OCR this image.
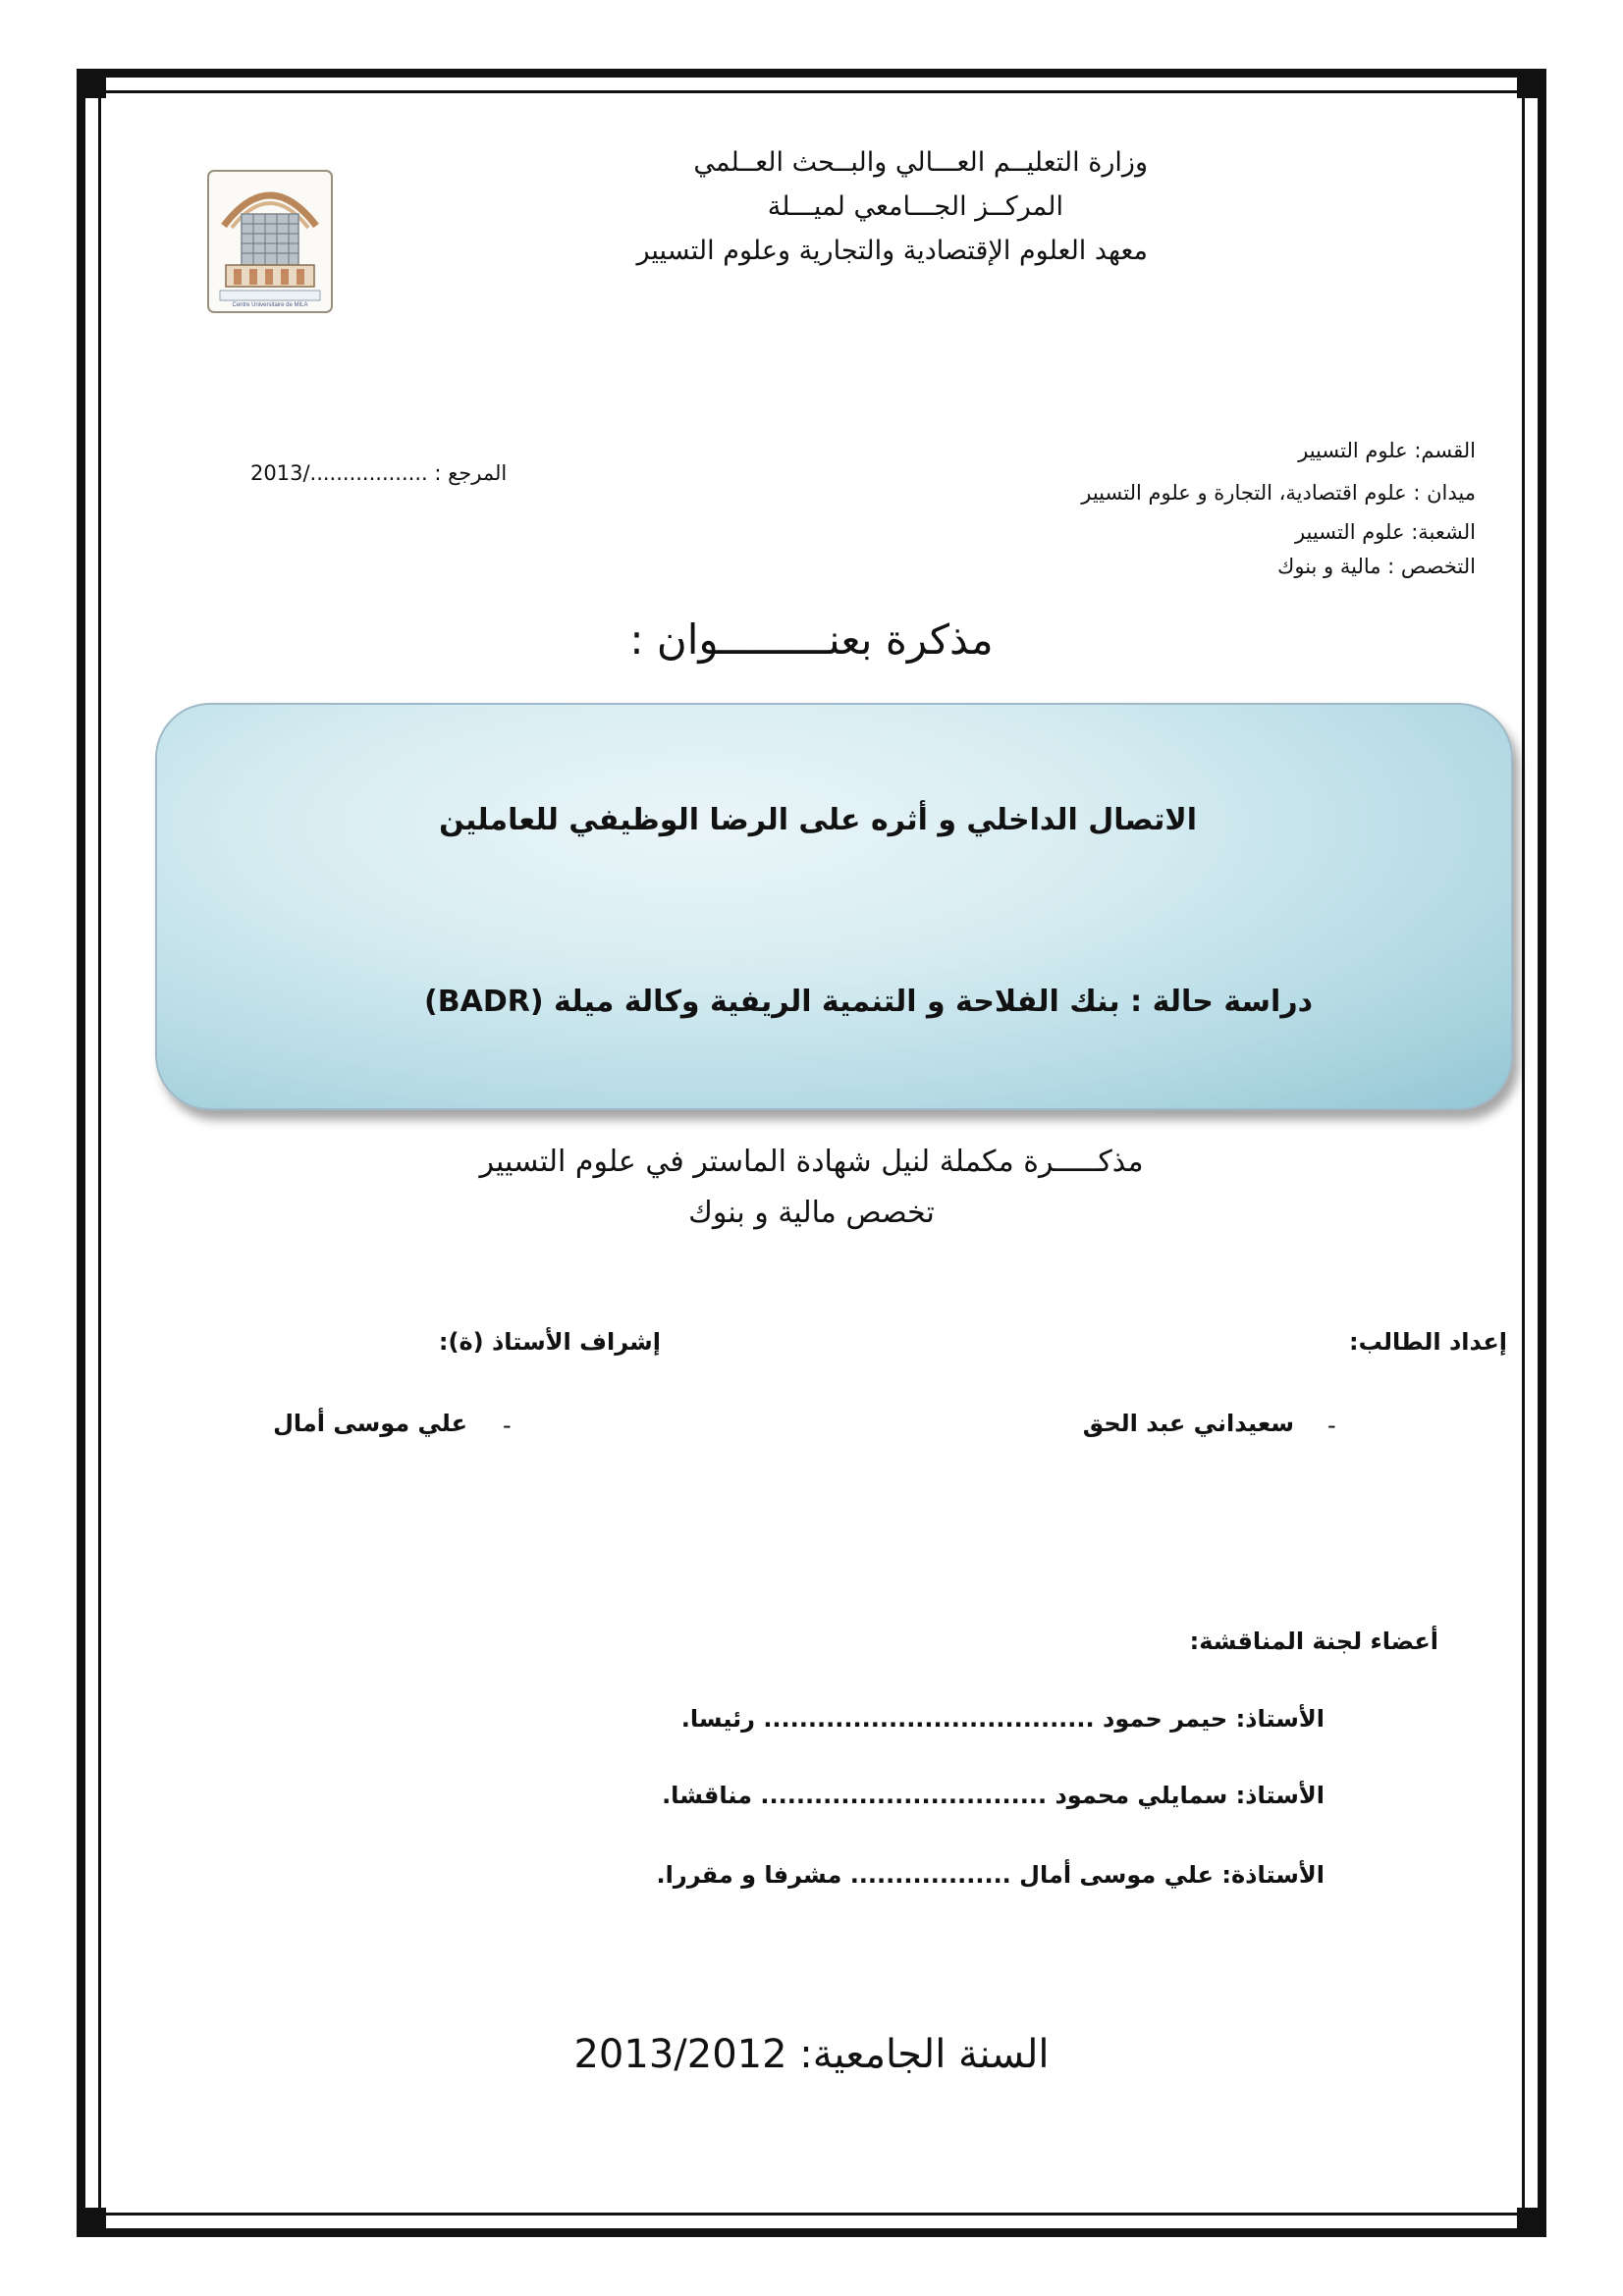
Centre Universitaire de MILA
وزارة التعليــم العـــالي والبــحث العــلمي
المركــز الجـــامعي لميـــلة
معهد العلوم الإقتصادية والتجارية وعلوم التسيير
القسم: علوم التسيير
ميدان : علوم اقتصادية، التجارة و علوم التسيير
الشعبة: علوم التسيير
التخصص : مالية و بنوك
المرجع : ................../2013
مذكرة بعنـــــــــوان :
الاتصال الداخلي و أثره على الرضا الوظيفي للعاملين
دراسة حالة : بنك الفلاحة و التنمية الريفية وكالة ميلة (BADR)
مذكـــــرة مكملة لنيل شهادة الماستر في علوم التسيير
تخصص مالية و بنوك
إعداد الطالب:
إشراف الأستاذ (ة):
-
سعيداني عبد الحق
-
علي موسى أمال
أعضاء لجنة المناقشة:
الأستاذ: حيمر حمود ..................................... رئيسا.
الأستاذ: سمايلي محمود ................................ مناقشا.
الأستاذة: علي موسى أمال .................. مشرفا و مقررا.
السنة الجامعية: 2013/2012
